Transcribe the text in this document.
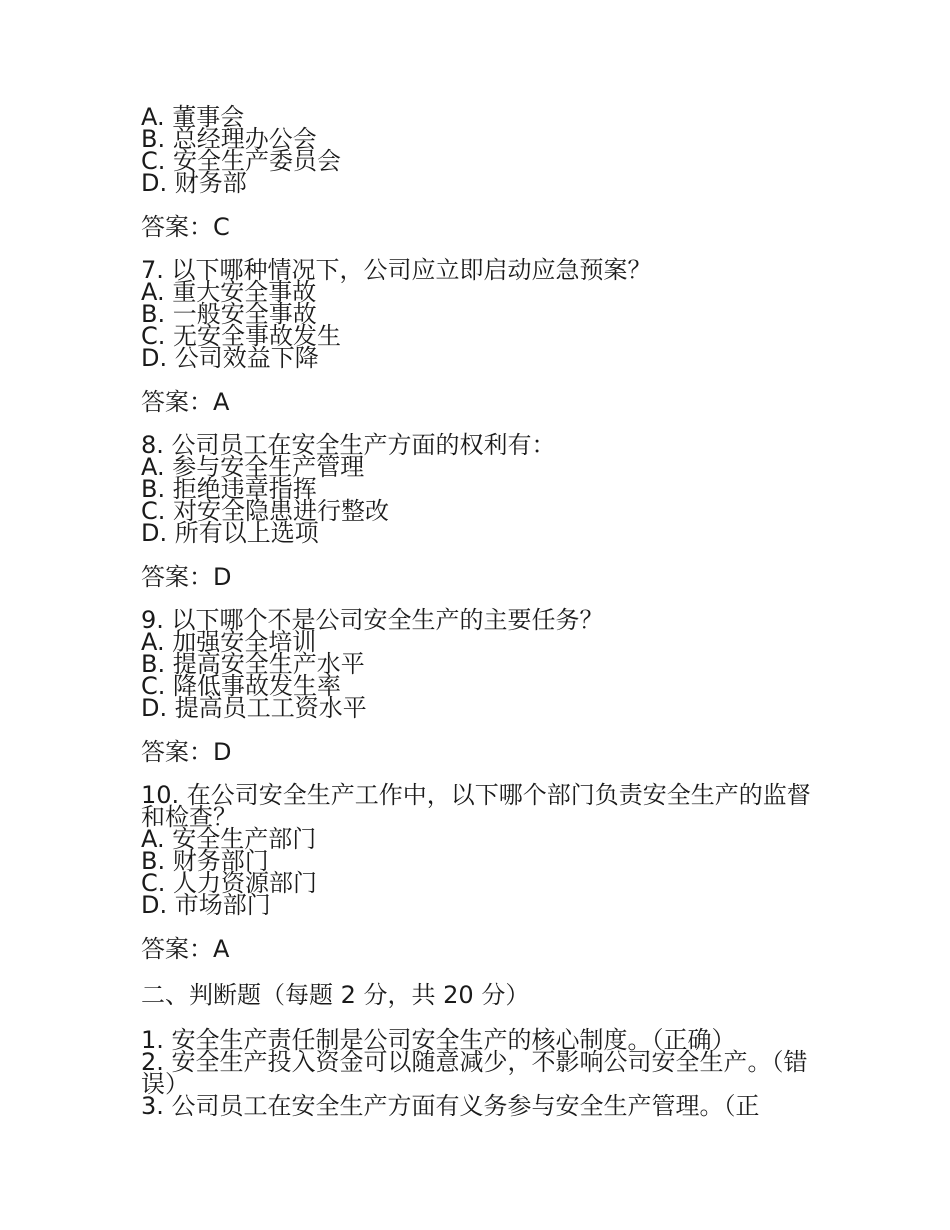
A. 董事会
B. 总经理办公会
C. 安全生产委员会
D. 财务部
答案：C
7. 以下哪种情况下，公司应立即启动应急预案？
A. 重大安全事故
B. 一般安全事故
C. 无安全事故发生
D. 公司效益下降
答案：A
8. 公司员工在安全生产方面的权利有：
A. 参与安全生产管理
B. 拒绝违章指挥
C. 对安全隐患进行整改
D. 所有以上选项
答案：D
9. 以下哪个不是公司安全生产的主要任务？
A. 加强安全培训
B. 提高安全生产水平
C. 降低事故发生率
D. 提高员工工资水平
答案：D
10. 在公司安全生产工作中，以下哪个部门负责安全生产的监督和检查？
A. 安全生产部门
B. 财务部门
C. 人力资源部门
D. 市场部门
答案：A
二、判断题（每题 2 分，共 20 分）
1. 安全生产责任制是公司安全生产的核心制度。（正确）
2. 安全生产投入资金可以随意减少，不影响公司安全生产。（错误）
3. 公司员工在安全生产方面有义务参与安全生产管理。（正
